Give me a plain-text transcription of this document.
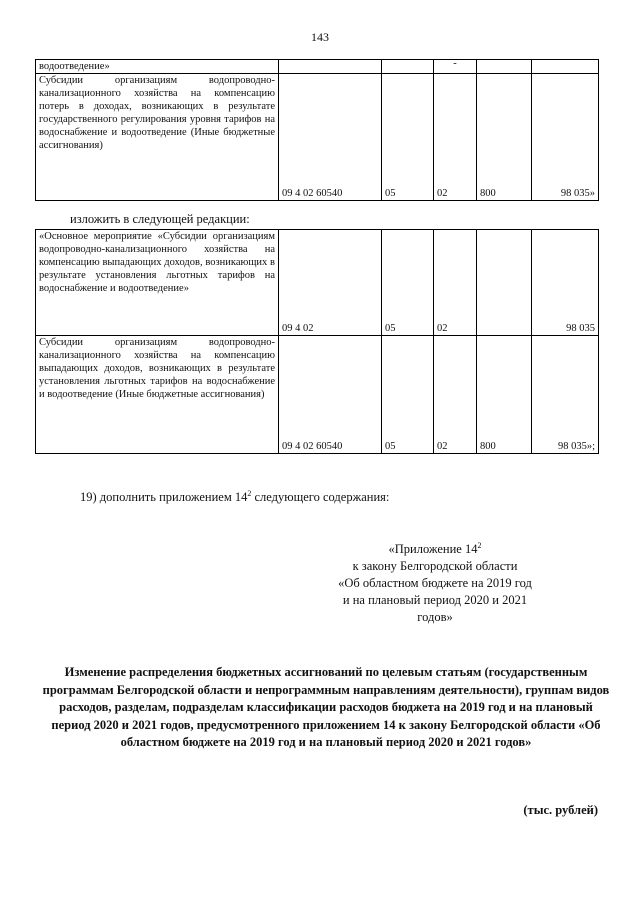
143
водоотведение»			-		
Субсидии организациям водопроводно-канализационного хозяйства на компенсацию потерь в доходах, возникающих в результате государственного регулирования уровня тарифов на водоснабжение и водоотведение (Иные бюджетные ассигнования)	09 4 02 60540	05	02	800	98 035»
изложить в следующей редакции:
«Основное мероприятие «Субсидии организациям водопроводно-канализационного хозяйства на компенсацию выпадающих доходов, возникающих в результате установления льготных тарифов на водоснабжение и водоотведение»	09 4 02	05	02		98 035
Субсидии организациям водопроводно-канализационного хозяйства на компенсацию выпадающих доходов, возникающих в результате установления льготных тарифов на водоснабжение и водоотведение (Иные бюджетные ассигнования)	09 4 02 60540	05	02	800	98 035»;
19) дополнить приложением $14^2$ следующего содержания:
«Приложение $14^2$
к закону Белгородской области
«Об областном бюджете на 2019 год
и на плановый период 2020 и 2021
годов»
Изменение распределения бюджетных ассигнований по целевым статьям (государственным программам Белгородской области и непрограммным направлениям деятельности), группам видов расходов, разделам, подразделам классификации расходов бюджета на 2019 год и на плановый период 2020 и 2021 годов, предусмотренного приложением 14 к закону Белгородской области «Об областном бюджете на 2019 год и на плановый период 2020 и 2021 годов»
(тыс. рублей)
